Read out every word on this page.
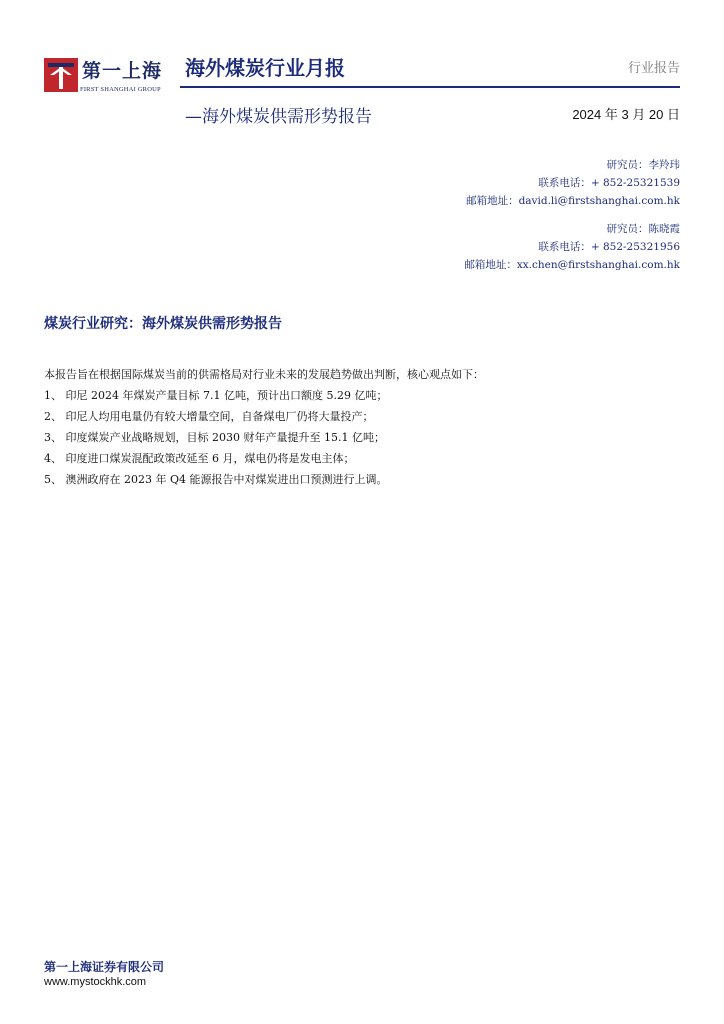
第一上海
FIRST SHANGHAI GROUP
海外煤炭行业月报	行业报告
—海外煤炭供需形势报告	2024 年 3 月 20 日
研究员：李羚玮
联系电话：+ 852-25321539
邮箱地址：david.li@firstshanghai.com.hk
研究员：陈晓霞
联系电话：+ 852-25321956
邮箱地址：xx.chen@firstshanghai.com.hk
煤炭行业研究：海外煤炭供需形势报告
本报告旨在根据国际煤炭当前的供需格局对行业未来的发展趋势做出判断，核心观点如下：
1、 印尼 2024 年煤炭产量目标 7.1 亿吨，预计出口额度 5.29 亿吨；
2、 印尼人均用电量仍有较大增量空间，自备煤电厂仍将大量投产；
3、 印度煤炭产业战略规划，目标 2030 财年产量提升至 15.1 亿吨；
4、 印度进口煤炭混配政策改延至 6 月，煤电仍将是发电主体；
5、 澳洲政府在 2023 年 Q4 能源报告中对煤炭进出口预测进行上调。
第一上海证券有限公司
www.mystockhk.com
